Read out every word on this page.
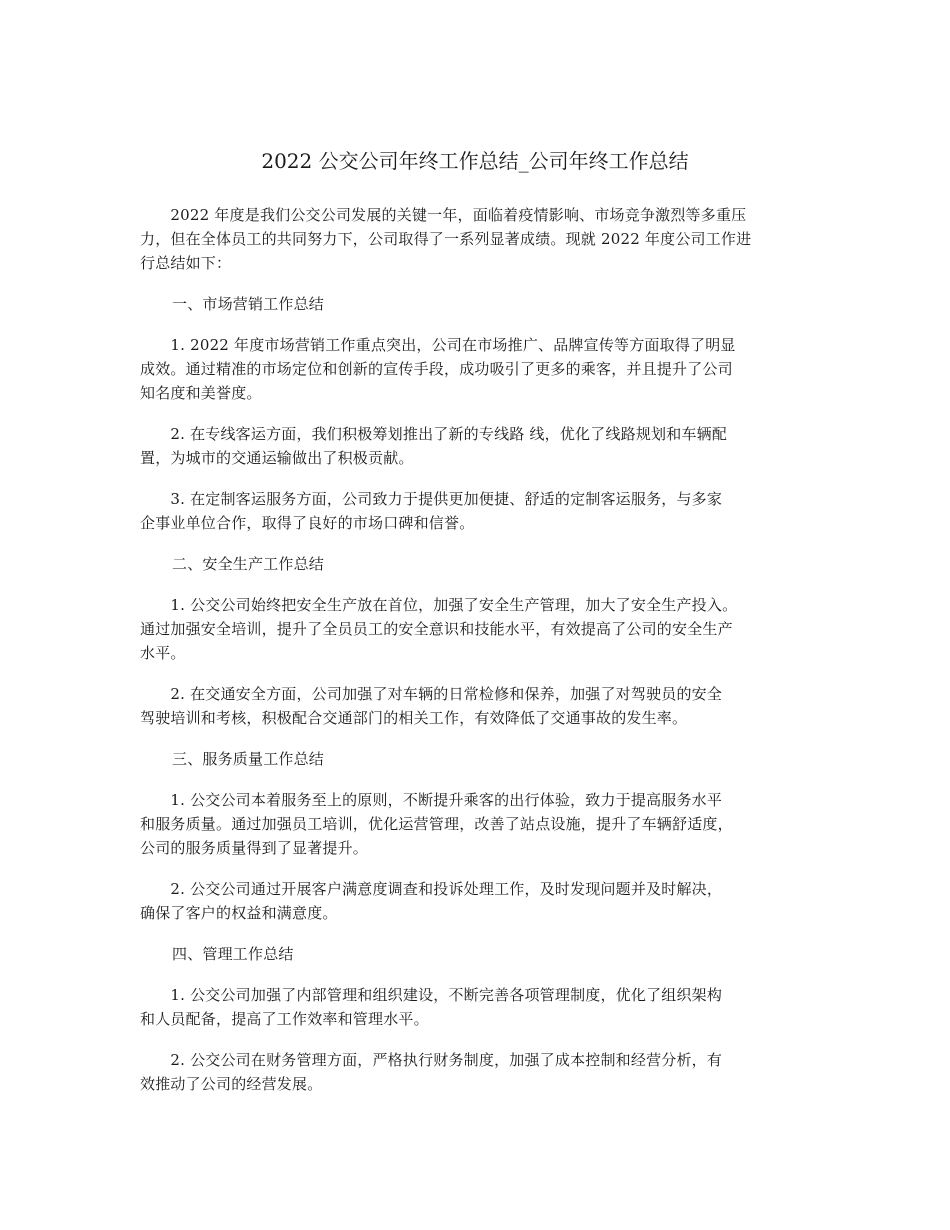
2022 公交公司年终工作总结_公司年终工作总结
　　2022 年度是我们公交公司发展的关键一年，面临着疫情影响、市场竞争激烈等多重压
力，但在全体员工的共同努力下，公司取得了一系列显著成绩。现就 2022 年度公司工作进
行总结如下：
一、市场营销工作总结
　　1. 2022 年度市场营销工作重点突出，公司在市场推广、品牌宣传等方面取得了明显
成效。通过精准的市场定位和创新的宣传手段，成功吸引了更多的乘客，并且提升了公司
知名度和美誉度。
　　2. 在专线客运方面，我们积极筹划推出了新的专线路 线，优化了线路规划和车辆配
置，为城市的交通运输做出了积极贡献。
　　3. 在定制客运服务方面，公司致力于提供更加便捷、舒适的定制客运服务，与多家
企事业单位合作，取得了良好的市场口碑和信誉。
二、安全生产工作总结
　　1. 公交公司始终把安全生产放在首位，加强了安全生产管理，加大了安全生产投入。
通过加强安全培训，提升了全员员工的安全意识和技能水平，有效提高了公司的安全生产
水平。
　　2. 在交通安全方面，公司加强了对车辆的日常检修和保养，加强了对驾驶员的安全
驾驶培训和考核，积极配合交通部门的相关工作，有效降低了交通事故的发生率。
三、服务质量工作总结
　　1. 公交公司本着服务至上的原则，不断提升乘客的出行体验，致力于提高服务水平
和服务质量。通过加强员工培训，优化运营管理，改善了站点设施，提升了车辆舒适度，
公司的服务质量得到了显著提升。
　　2. 公交公司通过开展客户满意度调查和投诉处理工作，及时发现问题并及时解决，
确保了客户的权益和满意度。
四、管理工作总结
　　1. 公交公司加强了内部管理和组织建设，不断完善各项管理制度，优化了组织架构
和人员配备，提高了工作效率和管理水平。
　　2. 公交公司在财务管理方面，严格执行财务制度，加强了成本控制和经营分析，有
效推动了公司的经营发展。
